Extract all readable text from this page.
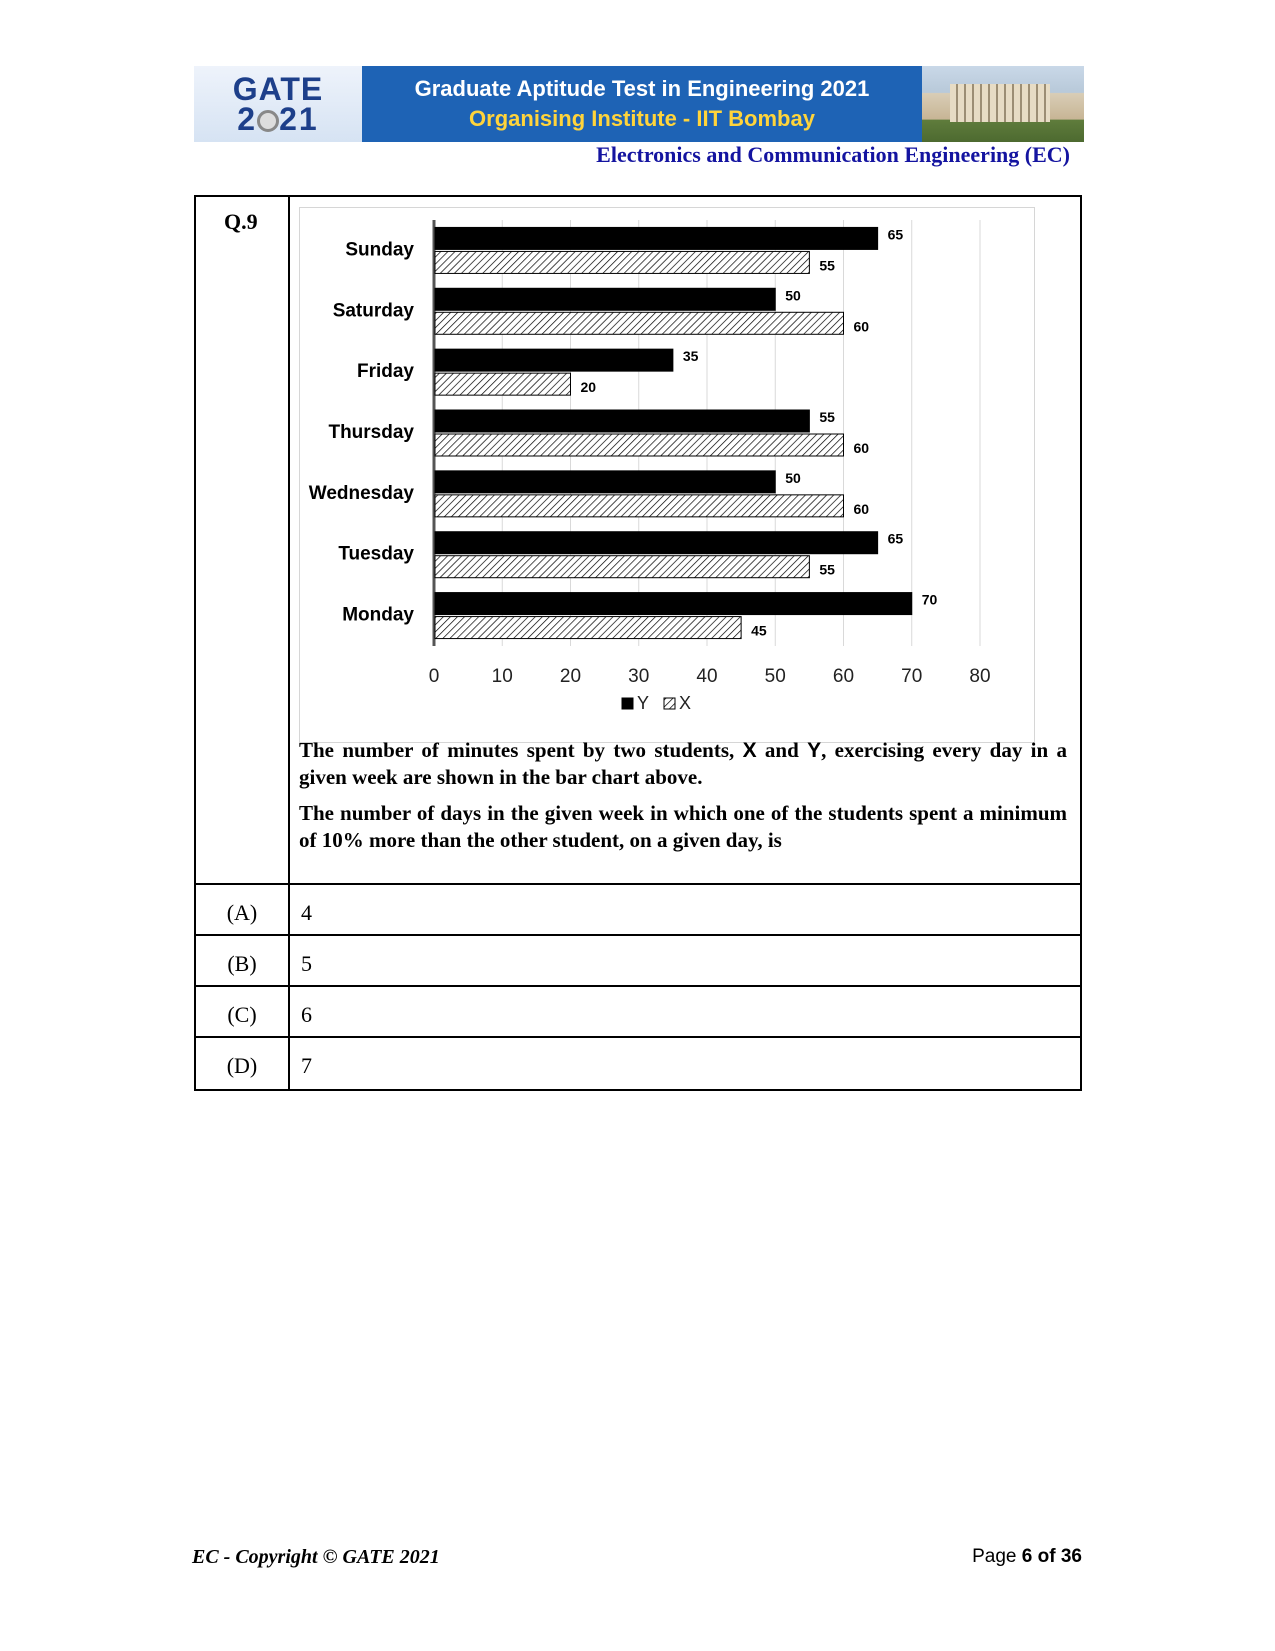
GATE
2 21
Graduate Aptitude Test in Engineering 2021
Organising Institute - IIT Bombay
Electronics and Communication Engineering (EC)
Q.9
0	10 20 30 40 50 60 70 80
Sunday
65
55
Saturday
50
60
Friday
35
20
Thursday
55
60
Wednesday
50
60
Tuesday
65
55
Monday
70
45
Y X
The number of minutes spent by two students, X and Y, exercising every day in a given week are shown in the bar chart above.
The number of days in the given week in which one of the students spent a minimum of 10% more than the other student, on a given day, is
(A)	4
(B)	5
(C)	6
(D)	7
EC - Copyright © GATE 2021	Page 6 of 36
